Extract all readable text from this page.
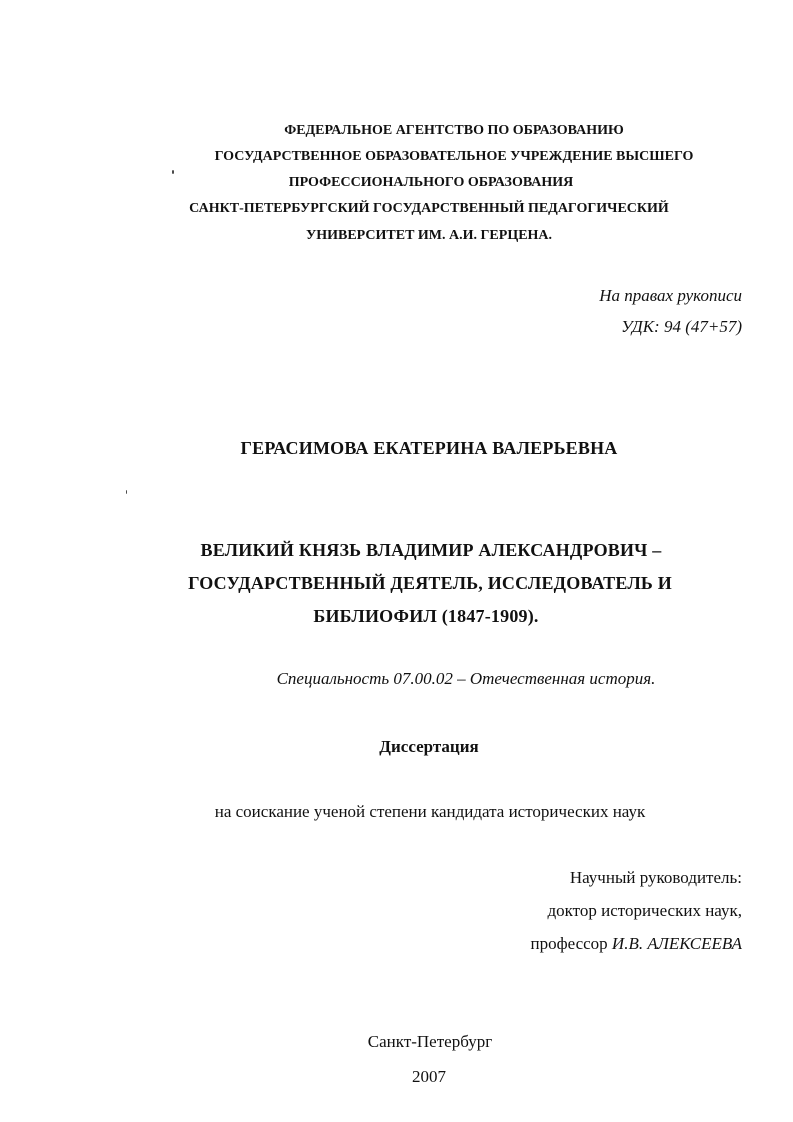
ФЕДЕРАЛЬНОЕ АГЕНТСТВО ПО ОБРАЗОВАНИЮ
ГОСУДАРСТВЕННОЕ ОБРАЗОВАТЕЛЬНОЕ УЧРЕЖДЕНИЕ ВЫСШЕГО
ПРОФЕССИОНАЛЬНОГО ОБРАЗОВАНИЯ
САНКТ-ПЕТЕРБУРГСКИЙ ГОСУДАРСТВЕННЫЙ ПЕДАГОГИЧЕСКИЙ
УНИВЕРСИТЕТ ИМ. А.И. ГЕРЦЕНА.
На правах рукописи
УДК: 94 (47+57)
ГЕРАСИМОВА ЕКАТЕРИНА ВАЛЕРЬЕВНА
ВЕЛИКИЙ КНЯЗЬ ВЛАДИМИР АЛЕКСАНДРОВИЧ –
ГОСУДАРСТВЕННЫЙ ДЕЯТЕЛЬ, ИССЛЕДОВАТЕЛЬ И
БИБЛИОФИЛ (1847-1909).
Специальность 07.00.02 – Отечественная история.
Диссертация
на соискание ученой степени кандидата исторических наук
Научный руководитель:
доктор исторических наук,
профессор И.В. АЛЕКСЕЕВА
Санкт-Петербург
2007
